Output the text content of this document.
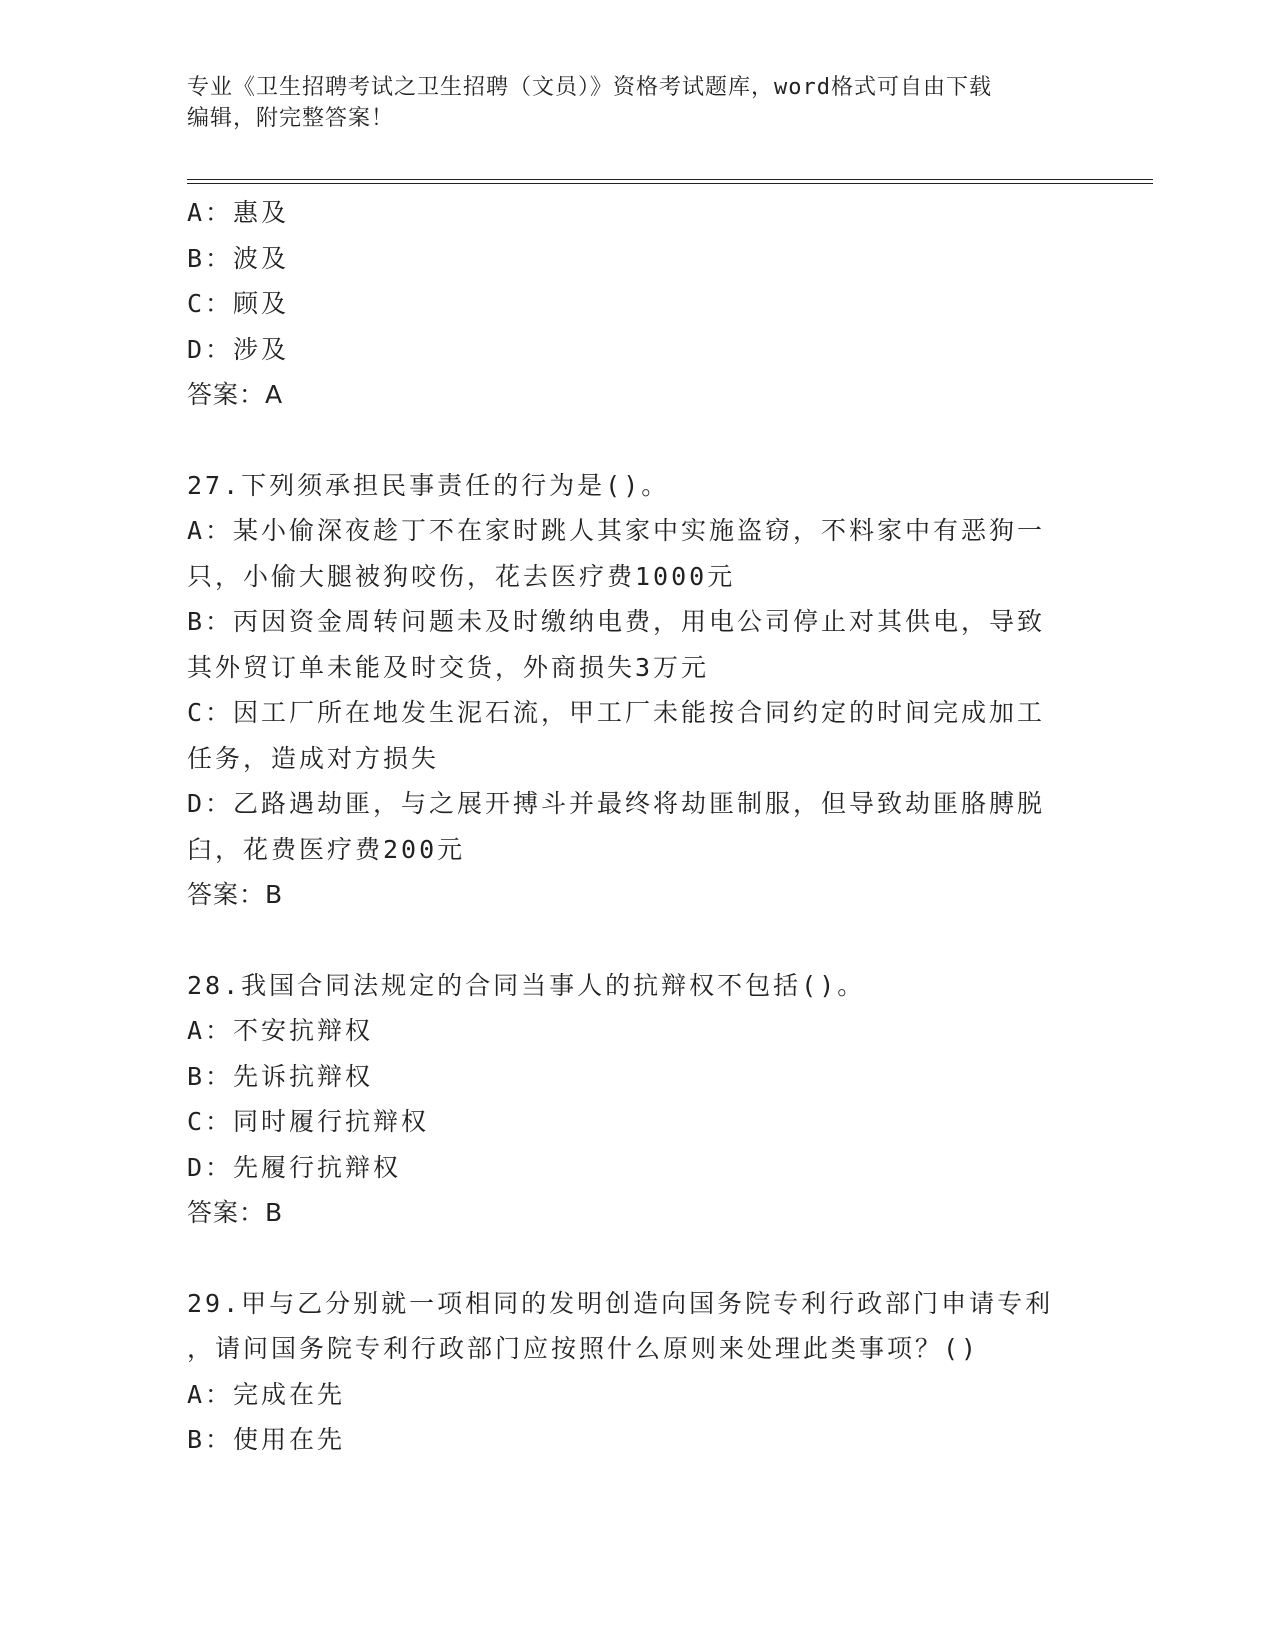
专业《卫生招聘考试之卫生招聘（文员）》资格考试题库，word格式可自由下载
编辑，附完整答案！
A：惠及
B：波及
C：顾及
D：涉及
答案：A
27.下列须承担民事责任的行为是()。
A：某小偷深夜趁丁不在家时跳人其家中实施盗窃，不料家中有恶狗一
只，小偷大腿被狗咬伤，花去医疗费1000元
B：丙因资金周转问题未及时缴纳电费，用电公司停止对其供电，导致
其外贸订单未能及时交货，外商损失3万元
C：因工厂所在地发生泥石流，甲工厂未能按合同约定的时间完成加工
任务，造成对方损失
D：乙路遇劫匪，与之展开搏斗并最终将劫匪制服，但导致劫匪胳膊脱
臼，花费医疗费200元
答案：B
28.我国合同法规定的合同当事人的抗辩权不包括()。
A：不安抗辩权
B：先诉抗辩权
C：同时履行抗辩权
D：先履行抗辩权
答案：B
29.甲与乙分别就一项相同的发明创造向国务院专利行政部门申请专利
，请问国务院专利行政部门应按照什么原则来处理此类事项？()
A：完成在先
B：使用在先
